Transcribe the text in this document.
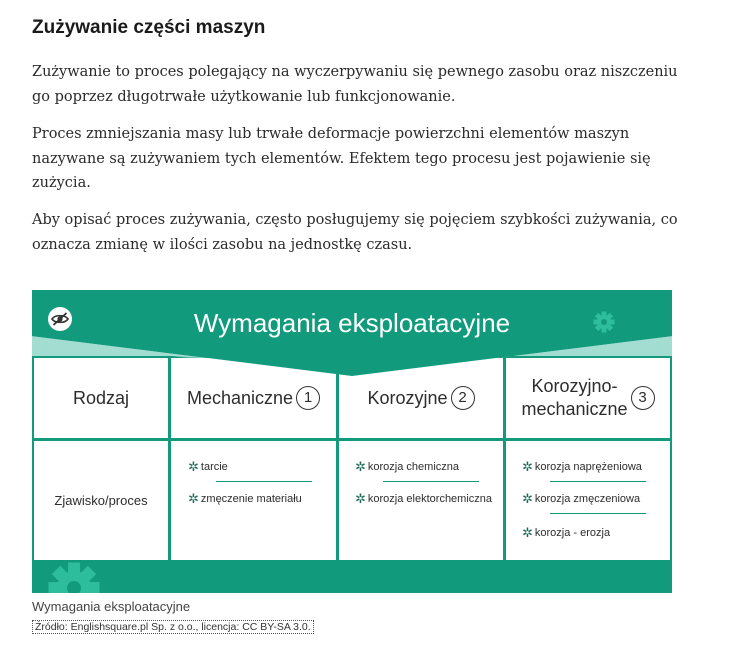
Zużywanie części maszyn

Zużywanie to proces polegający na wyczerpywaniu się pewnego zasobu oraz niszczeniu go poprzez długotrwałe użytkowanie lub funkcjonowanie.

Proces zmniejszania masy lub trwałe deformacje powierzchni elementów maszyn nazywane są zużywaniem tych elementów. Efektem tego procesu jest pojawienie się zużycia.

Aby opisać proces zużywania, często posługujemy się pojęciem szybkości zużywania, co oznacza zmianę w ilości zasobu na jednostkę czasu.

Wymagania eksploatacyjne
Rodzaj	Mechaniczne 1	Korozyjne 2
Korozyjno-
mechaniczne
3
Zjawisko/proces
✲ tarcie
✲ zmęczenie materiału
✲ korozja chemiczna
✲ korozja elektorchemiczna
✲ korozja naprężeniowa
✲ korozja zmęczeniowa
✲ korozja - erozja
Wymagania eksploatacyjne
Źródło: Englishsquare.pl Sp. z o.o., licencja: CC BY-SA 3.0.
